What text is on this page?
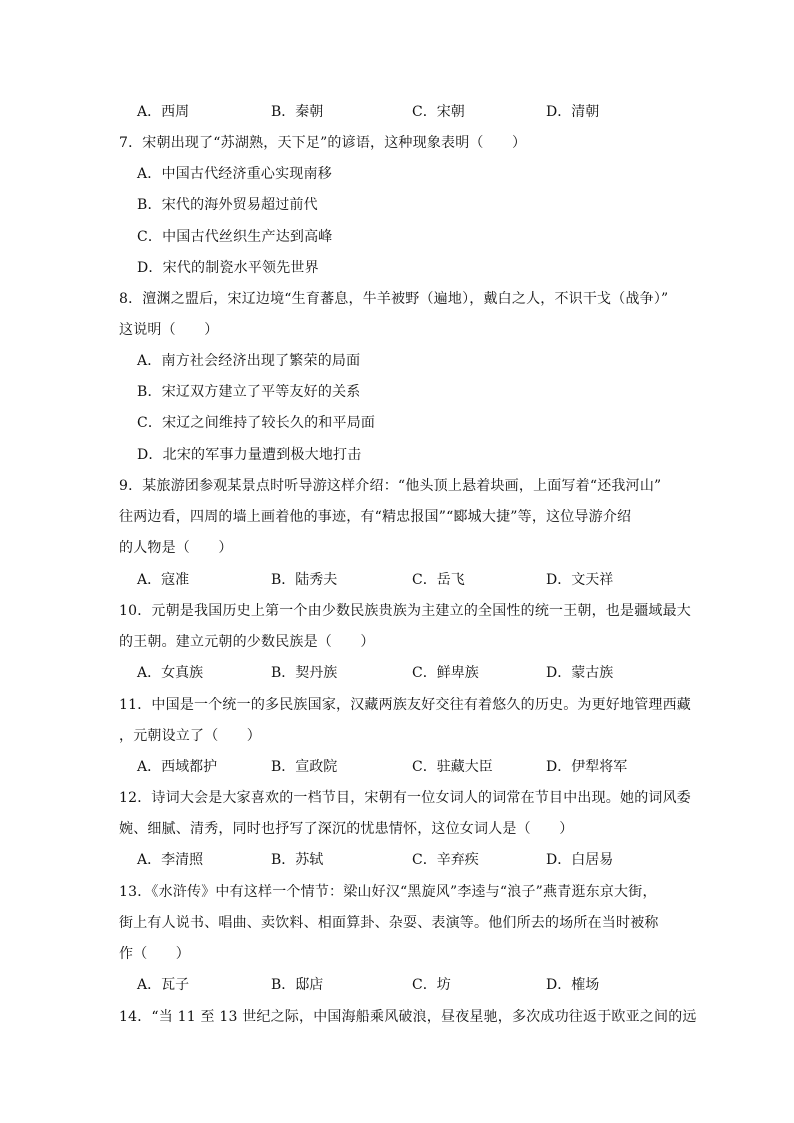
A．西周	B．秦朝	C．宋朝	D．清朝
7．宋朝出现了“苏湖熟，天下足”的谚语，这种现象表明（　　）
A．中国古代经济重心实现南移
B．宋代的海外贸易超过前代
C．中国古代丝织生产达到高峰
D．宋代的制瓷水平领先世界
8．澶渊之盟后，宋辽边境“生育蕃息，牛羊被野（遍地），戴白之人，不识干戈（战争）”
这说明（　　）
A．南方社会经济出现了繁荣的局面
B．宋辽双方建立了平等友好的关系
C．宋辽之间维持了较长久的和平局面
D．北宋的军事力量遭到极大地打击
9．某旅游团参观某景点时听导游这样介绍：“他头顶上悬着块画，上面写着“还我河山”
往两边看，四周的墙上画着他的事迹，有“精忠报国”“郾城大捷”等，这位导游介绍
的人物是（　　）
A．寇准	B．陆秀夫	C．岳飞	D．文天祥
10．元朝是我国历史上第一个由少数民族贵族为主建立的全国性的统一王朝，也是疆域最大
的王朝。建立元朝的少数民族是（　　）
A．女真族	B．契丹族	C．鲜卑族	D．蒙古族
11．中国是一个统一的多民族国家，汉藏两族友好交往有着悠久的历史。为更好地管理西藏
，元朝设立了（　　）
A．西域都护	B．宣政院	C．驻藏大臣	D．伊犁将军
12．诗词大会是大家喜欢的一档节目，宋朝有一位女词人的词常在节目中出现。她的词风委
婉、细腻、清秀，同时也抒写了深沉的忧患情怀，这位女词人是（　　）
A．李清照	B．苏轼	C．辛弃疾	D．白居易
13．《水浒传》中有这样一个情节：梁山好汉“黑旋风”李逵与“浪子”燕青逛东京大街，
街上有人说书、唱曲、卖饮料、相面算卦、杂耍、表演等。他们所去的场所在当时被称
作（　　）
A．瓦子	B．邸店	C．坊	D．榷场
14．“当 11 至 13 世纪之际，中国海船乘风破浪，昼夜星驰，多次成功往返于欧亚之间的远
